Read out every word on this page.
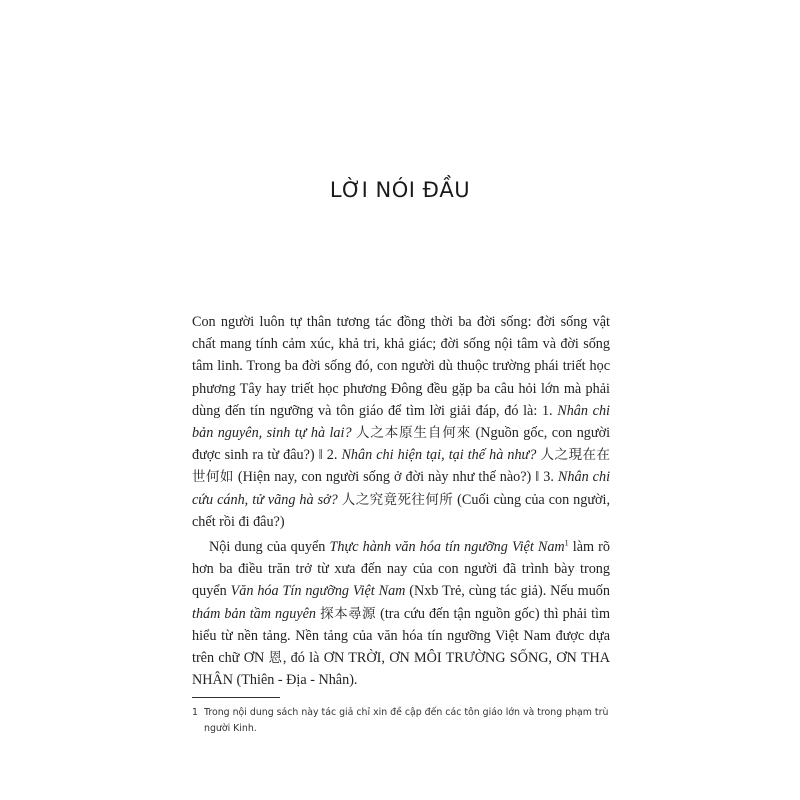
LỜI NÓI ĐẦU

Con người luôn tự thân tương tác đồng thời ba đời sống: đời sống vật chất mang tính cảm xúc, khả tri, khả giác; đời sống nội tâm và đời sống tâm linh. Trong ba đời sống đó, con người dù thuộc trường phái triết học phương Tây hay triết học phương Đông đều gặp ba câu hỏi lớn mà phải dùng đến tín ngưỡng và tôn giáo để tìm lời giải đáp, đó là: 1. Nhân chi bản nguyên, sinh tự hà lai? 人之本原生自何來 (Nguồn gốc, con người được sinh ra từ đâu?) ‖ 2. Nhân chi hiện tại, tại thế hà như? 人之現在在世何如 (Hiện nay, con người sống ở đời này như thế nào?) ‖ 3. Nhân chi cứu cánh, tử vãng hà sở? 人之究竟死往何所 (Cuối cùng của con người, chết rồi đi đâu?)

Nội dung của quyển Thực hành văn hóa tín ngưỡng Việt Nam$^1$ làm rõ hơn ba điều trăn trở từ xưa đến nay của con người đã trình bày trong quyển Văn hóa Tín ngưỡng Việt Nam (Nxb Trẻ, cùng tác giả). Nếu muốn thám bản tầm nguyên 探本尋源 (tra cứu đến tận nguồn gốc) thì phải tìm hiểu từ nền tảng. Nền tảng của văn hóa tín ngưỡng Việt Nam được dựa trên chữ ƠN 恩, đó là ƠN TRỜI, ƠN MÔI TRƯỜNG SỐNG, ƠN THA NHÂN (Thiên - Địa - Nhân).

1 Trong nội dung sách này tác giả chỉ xin đề cập đến các tôn giáo lớn và trong phạm trù người Kinh.
